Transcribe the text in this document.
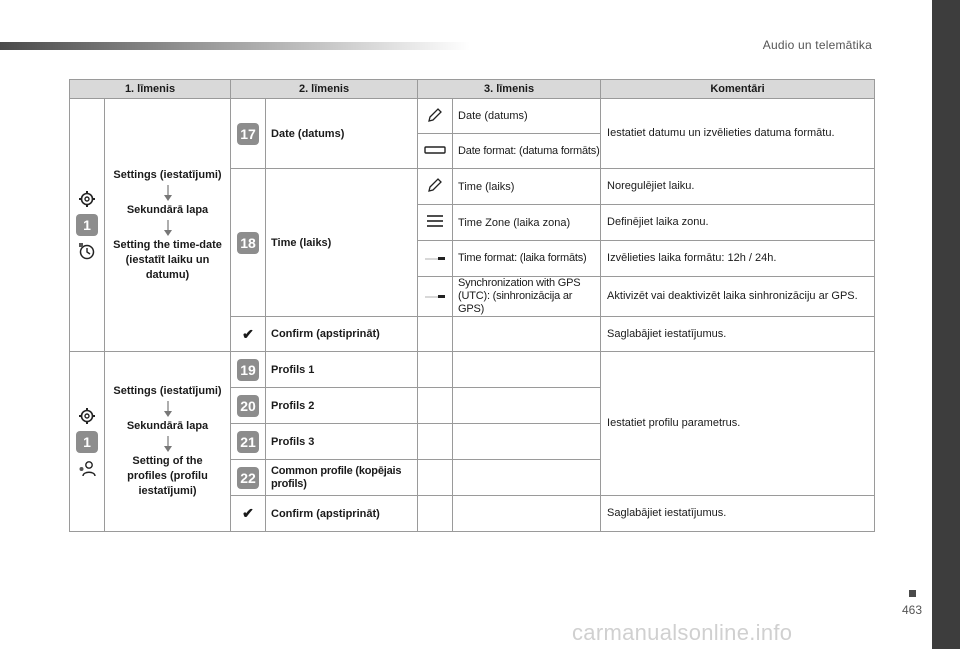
Audio un telemātika
463
carmanualsonline.info
1. līmenis		2. līmenis		3. līmenis		Komentāri

1	Settings (iestatījumi)
Sekundārā lapa
Setting the time-date (iestatīt laiku un datumu)	17	Date (datums)		Date (datums)	Iestatiet datumu un izvēlieties datuma formātu.
	Date format: (datuma formāts)	
		18	Time (laiks)		Time (laiks)	Noregulējiet laiku.
	Time Zone (laika zona)	Definējiet laika zonu.
	Time format: (laika formāts)	Izvēlieties laika formātu: 12h / 24h.
	Synchronization with GPS (UTC): (sinhronizācija ar GPS)	Aktivizēt vai deaktivizēt laika sinhronizāciju ar GPS.
		✔	Confirm (apstiprināt)			Saglabājiet iestatījumus.

1	Settings (iestatījumi)
Sekundārā lapa
Setting of the profiles (profilu iestatījumi)	19	Profils 1			Iestatiet profilu parametrus.
		20	Profils 2			
		21	Profils 3			
		22	Common profile (kopējais profils)			
		✔	Confirm (apstiprināt)			Saglabājiet iestatījumus.
